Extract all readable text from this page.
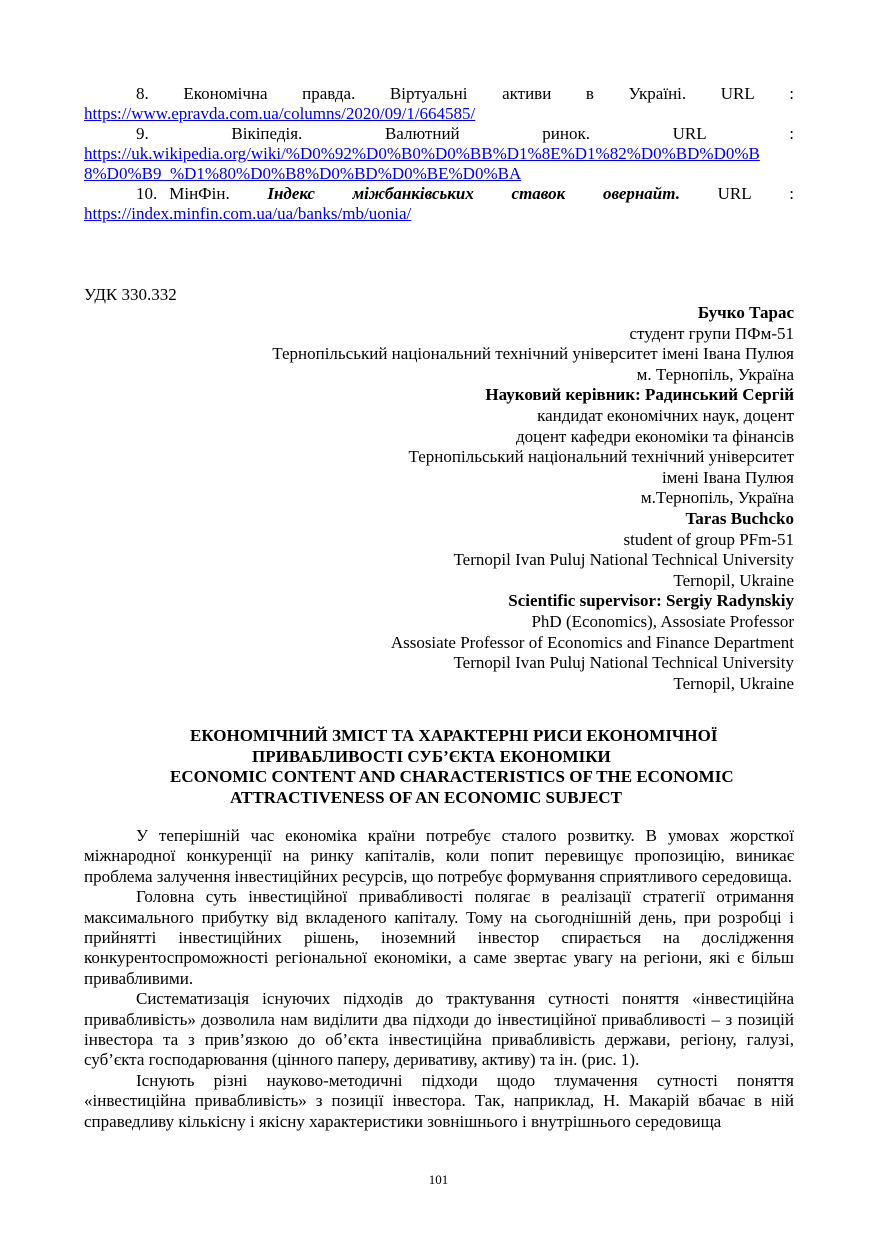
8. Економічна правда. Віртуальні активи в Україні. URL :
https://www.epravda.com.ua/columns/2020/09/1/664585/
9.	Вікіпедія.	Валютний	ринок.	URL	:
https://uk.wikipedia.org/wiki/%D0%92%D0%B0%D0%BB%D1%8E%D1%82%D0%BD%D0%B
8%D0%B9_%D1%80%D0%B8%D0%BD%D0%BE%D0%BA
10. МінФін. Індекс міжбанківських ставок овернайт. URL :
https://index.minfin.com.ua/ua/banks/mb/uonia/
УДК 330.332
Бучко Тарас
студент групи ПФм-51
Тернопільський національний технічний університет імені Івана Пулюя
м. Тернопіль, Україна
Науковий керівник: Радинський Сергій
кандидат економічних наук, доцент
доцент кафедри економіки та фінансів
Тернопільський національний технічний університет
імені Івана Пулюя
м.Тернопіль, Україна
Taras Buchcko
student of group PFm-51
Ternopil Ivan Puluj National Technical University
Ternopil, Ukraine
Scientific supervisor: Sergiy Radynskiy
PhD (Economics), Assosiate Professor
Assosiate Professor of Economics and Finance Department
Ternopil Ivan Puluj National Technical University
Ternopil, Ukraine
ЕКОНОМІЧНИЙ ЗМІСТ ТА ХАРАКТЕРНІ РИСИ ЕКОНОМІЧНОЇ
ПРИВАБЛИВОСТІ СУБ’ЄКТА ЕКОНОМІКИ
ECONOMIC CONTENT AND CHARACTERISTICS OF THE ECONOMIC
ATTRACTIVENESS OF AN ECONOMIC SUBJECT

У теперішній час економіка країни потребує сталого розвитку. В умовах жорсткої міжнародної конкуренції на ринку капіталів, коли попит перевищує пропозицію, виникає проблема залучення інвестиційних ресурсів, що потребує формування сприятливого середовища.

Головна суть інвестиційної привабливості полягає в реалізації стратегії отримання максимального прибутку від вкладеного капіталу. Тому на сьогоднішній день, при розробці і прийнятті інвестиційних рішень, іноземний інвестор спирається на дослідження конкурентоспроможності регіональної економіки, а саме звертає увагу на регіони, які є більш привабливими.

Систематизація існуючих підходів до трактування сутності поняття «інвестиційна привабливість» дозволила нам виділити два підходи до інвестиційної привабливості – з позицій інвестора та з прив’язкою до об’єкта інвестиційна привабливість держави, регіону, галузі, суб’єкта господарювання (цінного паперу, деривативу, активу) та ін. (рис. 1).

Існують різні науково-методичні підходи щодо тлумачення сутності поняття «інвестиційна привабливість» з позиції інвестора. Так, наприклад, Н. Макарій вбачає в ній справедливу кількісну і якісну характеристики зовнішнього і внутрішнього середовища

101
